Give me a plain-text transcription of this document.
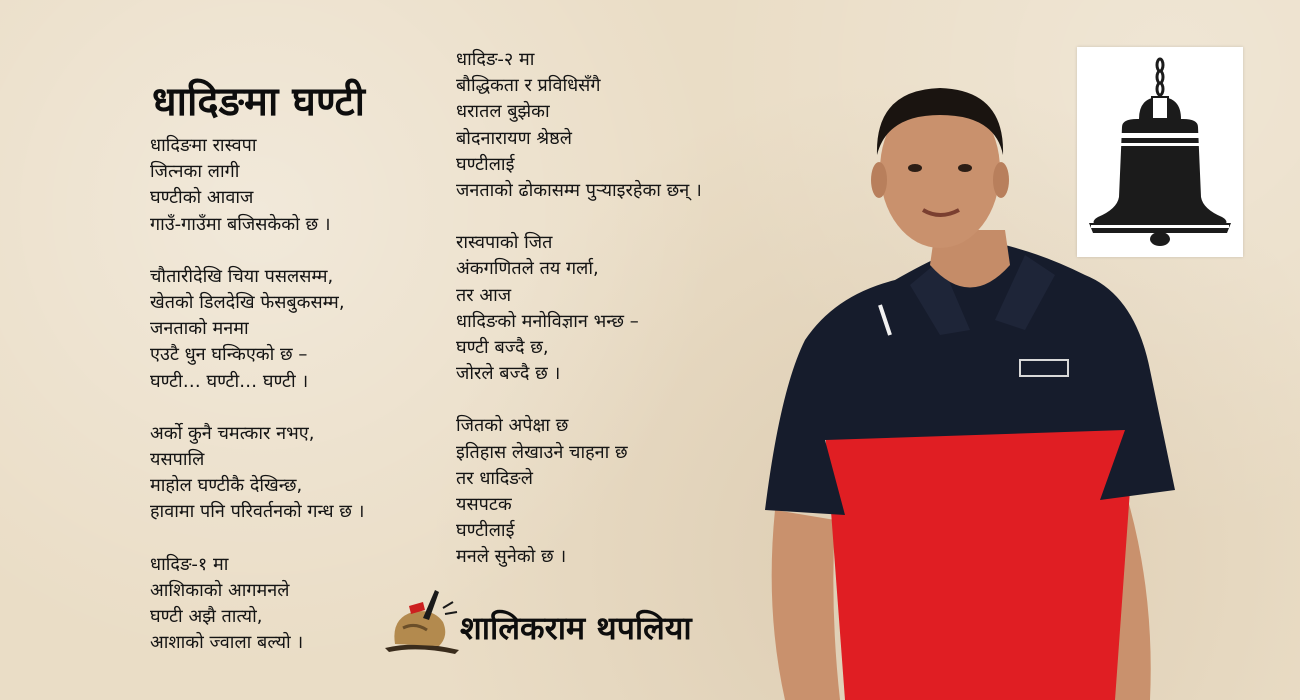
धादिङमा घण्टी
धादिङमा रास्वपा
जित्नका लागी
घण्टीको आवाज
गाउँ-गाउँमा बजिसकेको छ ।
चौतारीदेखि चिया पसलसम्म,
खेतको डिलदेखि फेसबुकसम्म,
जनताको मनमा
एउटै धुन घन्किएको छ –
घण्टी… घण्टी… घण्टी ।
अर्को कुनै चमत्कार नभए,
यसपालि
माहोल घण्टीकै देखिन्छ,
हावामा पनि परिवर्तनको गन्ध छ ।
धादिङ-१ मा
आशिकाको आगमनले
घण्टी अझै तात्यो,
आशाको ज्वाला बल्यो ।
धादिङ-२ मा
बौद्धिकता र प्रविधिसँगै
धरातल बुझेका
बोदनारायण श्रेष्ठले
घण्टीलाई
जनताको ढोकासम्म पुर्‍याइरहेका छन् ।
रास्वपाको जित
अंकगणितले तय गर्ला,
तर आज
धादिङको मनोविज्ञान भन्छ –
घण्टी बज्दै छ,
जोरले बज्दै छ ।
जितको अपेक्षा छ
इतिहास लेखाउने चाहना छ
तर धादिङले
यसपटक
घण्टीलाई
मनले सुनेको छ ।
शालिकराम थपलिया
